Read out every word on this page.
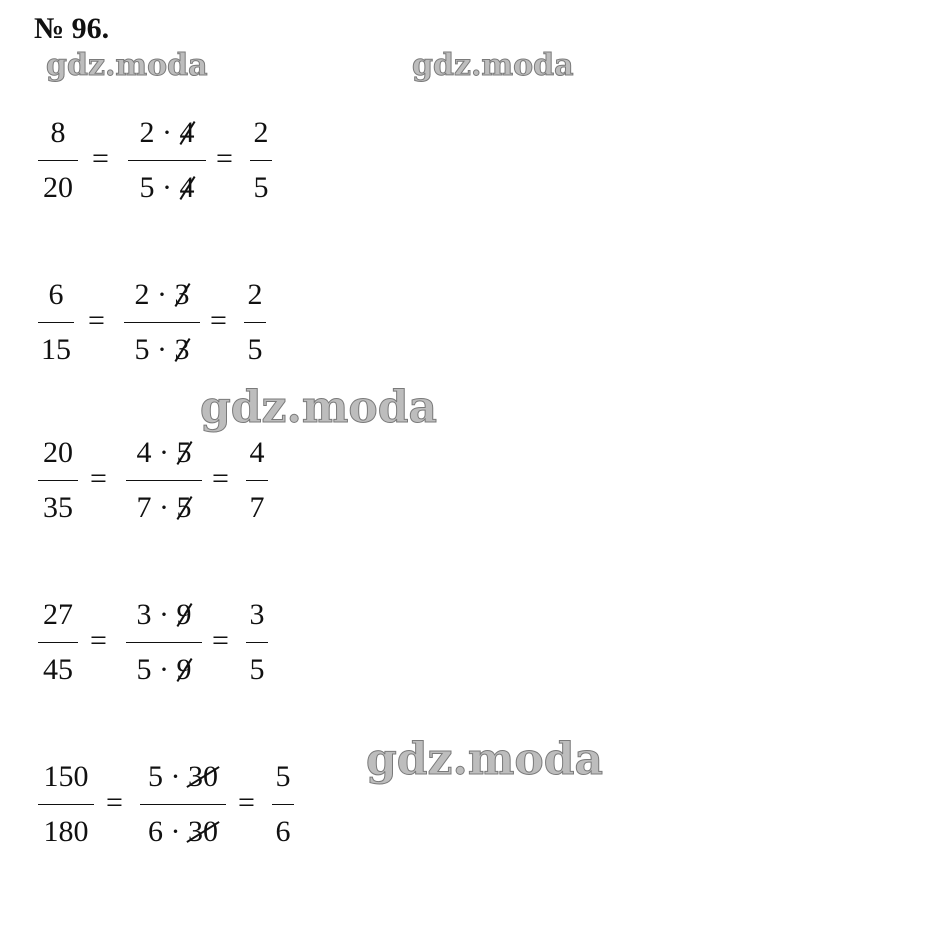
№ 96.
gdz.moda	gdz.moda
gdz.moda
gdz.moda
8
20
=
2 · 4
5 · 4
=
2
5
6
15
=
2 · 3
5 · 3
=
2
5
20
35
=
4 · 5
7 · 5
=
4
7
27
45
=
3 · 9
5 · 9
=
3
5
150
180
=
5 · 30
6 · 30
=
5
6
